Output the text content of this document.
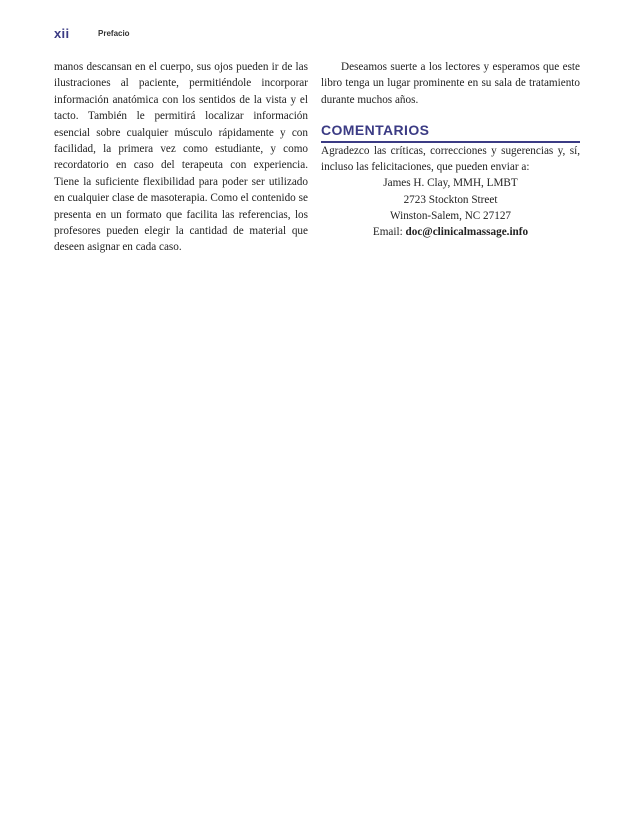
xii	Prefacio

manos descansan en el cuerpo, sus ojos pueden ir de las ilustraciones al paciente, permitiéndole incorporar información anatómica con los sentidos de la vista y el tacto. También le permitirá localizar información esencial sobre cualquier músculo rápidamente y con facilidad, la primera vez como estudiante, y como recordatorio en caso del terapeuta con experiencia. Tiene la suficiente flexibilidad para poder ser utilizado en cualquier clase de masoterapia. Como el contenido se presenta en un formato que facilita las referencias, los profesores pueden elegir la cantidad de material que deseen asignar en cada caso.

Deseamos suerte a los lectores y esperamos que este libro tenga un lugar prominente en su sala de tratamiento durante muchos años.

COMENTARIOS

Agradezco las críticas, correcciones y sugerencias y, sí, incluso las felicitaciones, que pueden enviar a:

James H. Clay, MMH, LMBT
2723 Stockton Street
Winston-Salem, NC 27127
Email: doc@clinicalmassage.info
